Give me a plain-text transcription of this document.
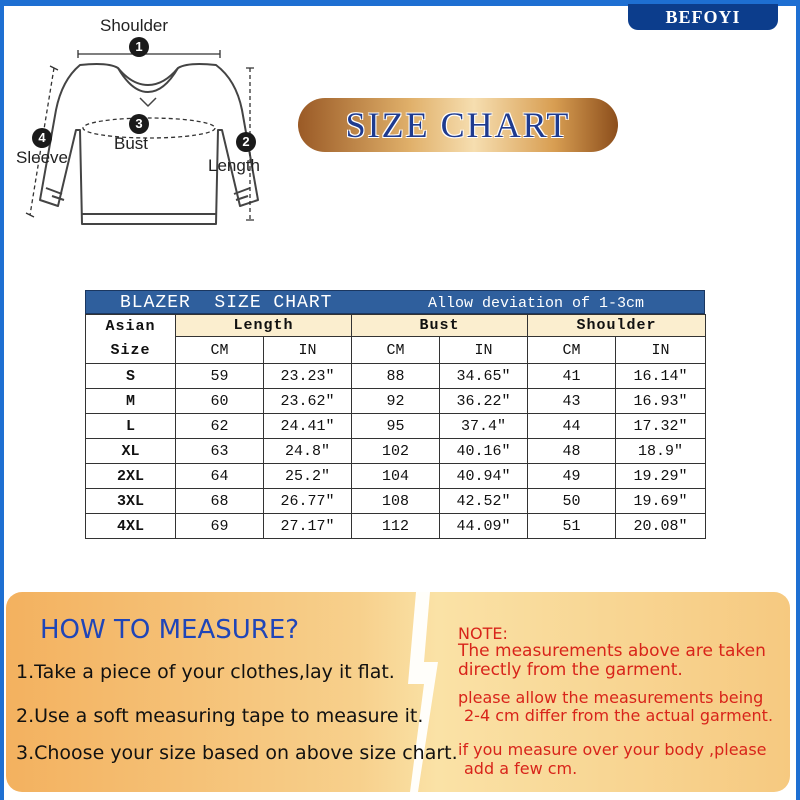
BEFOYI
Shoulder
1
2
Length
3
Bust
4
Sleeve
SIZE CHART
BLAZER  SIZE CHART	Allow deviation of 1-3cm
Asian
Size	Length		Bust		Shoulder	
	CM	IN	CM	IN	CM	IN
S	59	23.23″	88	34.65″	41	16.14″
M	60	23.62″	92	36.22″	43	16.93″
L	62	24.41″	95	37.4″	44	17.32″
XL	63	24.8″	102	40.16″	48	18.9″
2XL	64	25.2″	104	40.94″	49	19.29″
3XL	68	26.77″	108	42.52″	50	19.69″
4XL	69	27.17″	112	44.09″	51	20.08″
HOW TO MEASURE?
1.Take a piece of your clothes,lay it flat.
2.Use a soft measuring tape to measure it.
3.Choose your size based on above size chart.
NOTE:
The measurements above are taken
directly from the garment.
please allow the measurements being
2-4 cm differ from the actual garment.
if you measure over your body ,please
add a few cm.
